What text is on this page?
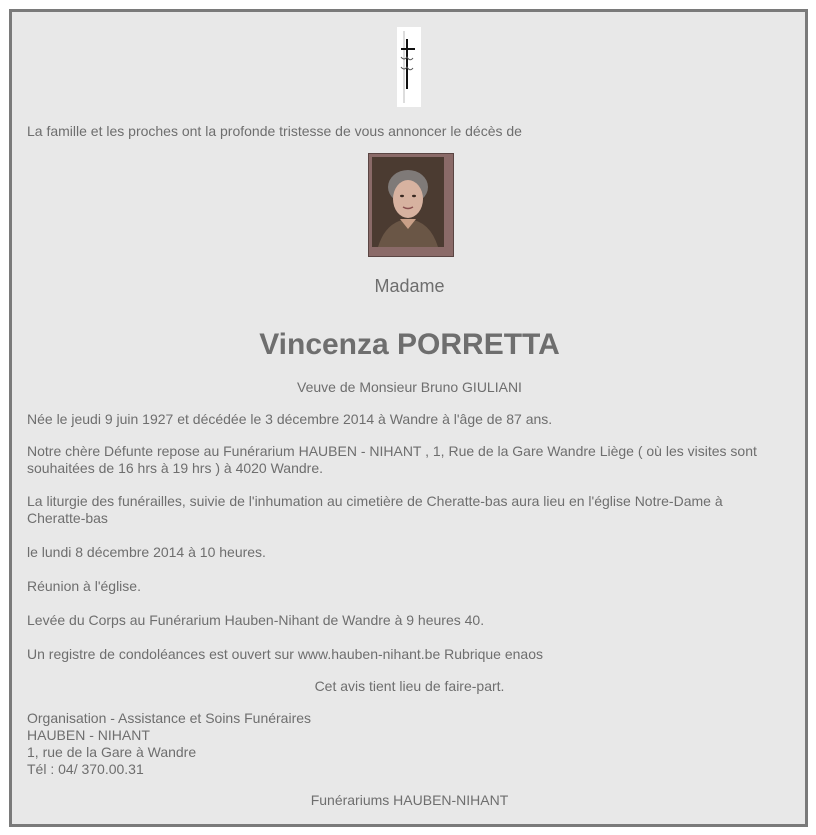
La famille et les proches ont la profonde tristesse de vous annoncer le décès de
Madame
Vincenza PORRETTA
Veuve de Monsieur Bruno GIULIANI
Née le jeudi 9 juin 1927 et décédée le 3 décembre 2014 à Wandre à l'âge de 87 ans.
Notre chère Défunte repose au Funérarium HAUBEN - NIHANT , 1, Rue de la Gare Wandre Liège ( où les visites sont
souhaitées de 16 hrs à 19 hrs ) à 4020 Wandre.
La liturgie des funérailles, suivie de l'inhumation au cimetière de Cheratte-bas aura lieu en l'église Notre-Dame à
Cheratte-bas
le lundi 8 décembre 2014 à 10 heures.
Réunion à l'église.
Levée du Corps au Funérarium Hauben-Nihant de Wandre à 9 heures 40.
Un registre de condoléances est ouvert sur www.hauben-nihant.be Rubrique enaos
Cet avis tient lieu de faire-part.
Organisation - Assistance et Soins Funéraires
HAUBEN - NIHANT
1, rue de la Gare à Wandre
Tél : 04/ 370.00.31
Funérariums HAUBEN-NIHANT
